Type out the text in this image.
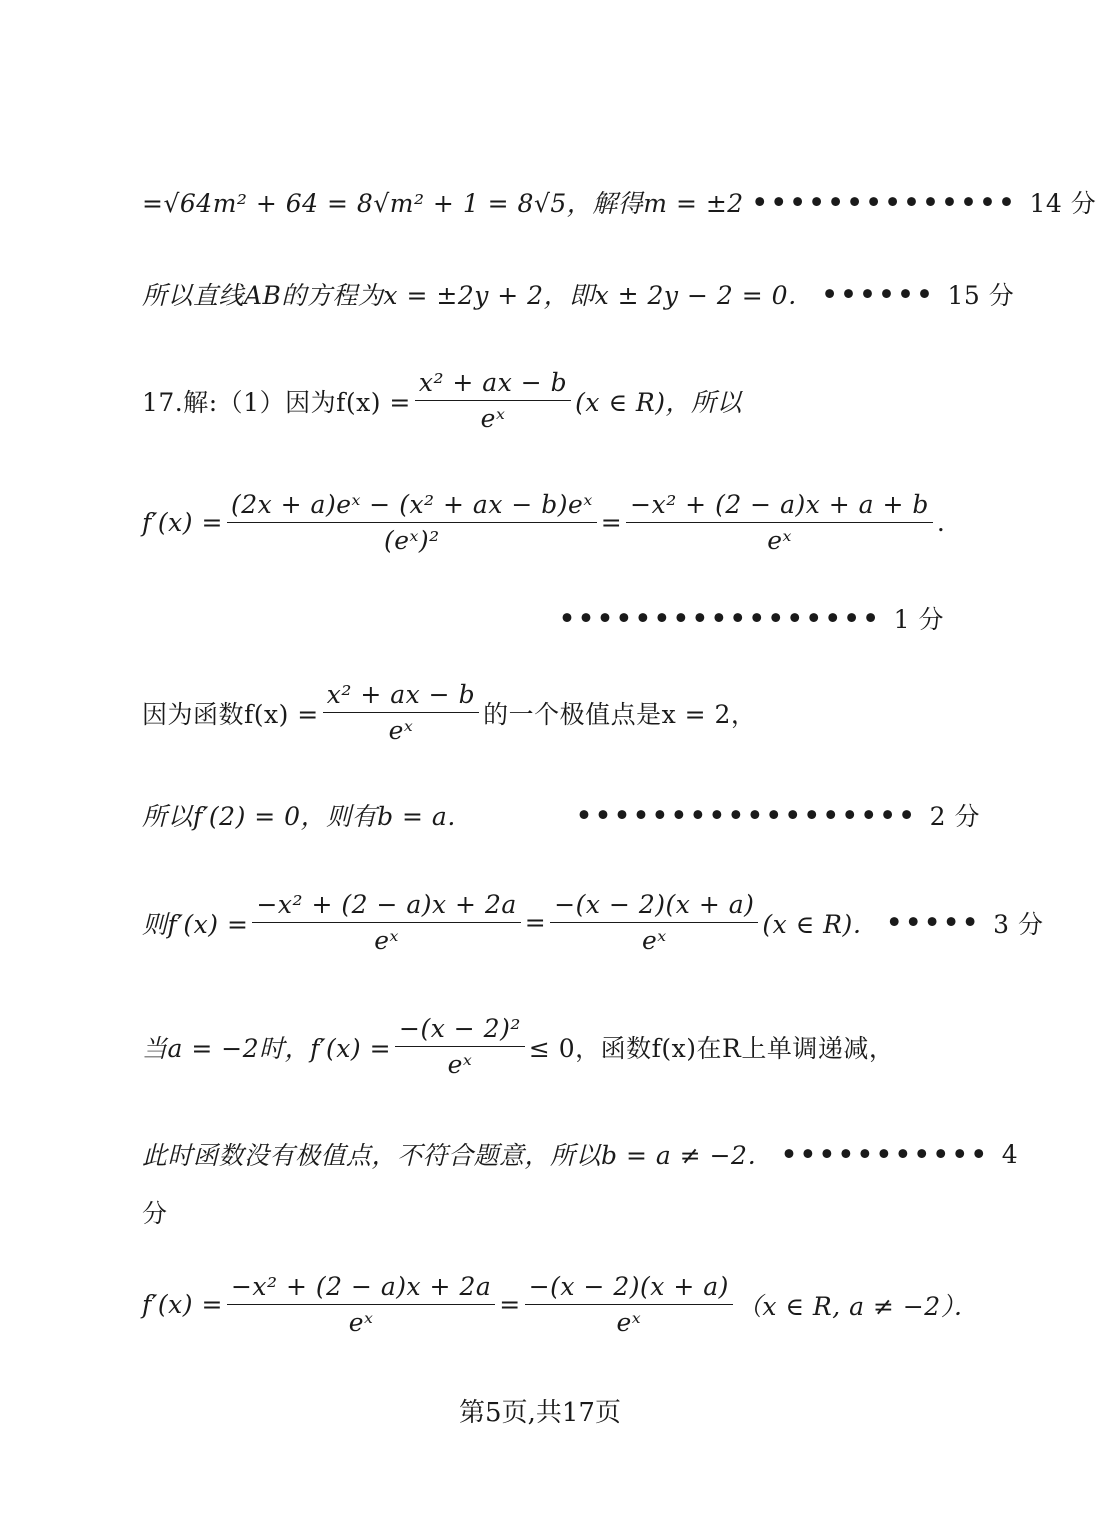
=√64m² + 64 = 8√m² + 1 = 8√5，解得m = ±2 •••••••••••••• 14 分
所以直线AB的方程为x = ±2y + 2，即x ± 2y − 2 = 0． •••••• 15 分
17.解:（1）因为$f(x) = \frac{\text{x² + ax − b}}{\text{eˣ}} (x$ ∈ R)，所以
$f'(x) = \frac{\text{(2x + a)eˣ − (x² + ax − b)eˣ}}{\text{(eˣ)²}} = \frac{\text{−x² + (2 − a)x + a + b}}{\text{eˣ}}$ .
••••••••••••••••• 1 分
因为函数$f(x) = \frac{\text{x² + ax − b}}{\text{eˣ}}$ 的一个极值点是x = 2，
所以f′(2) = 0，则有b = a.	•••••••••••••••••• 2 分
则$f'(x) = \frac{\text{−x² + (2 − a)x + 2a}}{\text{eˣ}} = \frac{-(x - 2)(x + a)}{\text{eˣ}} (x$ ∈ R)． ••••• 3 分
当a = −2时，$f'(x) = \frac{\text{−(x − 2)²}}{\text{eˣ}} \le 0$，函数f(x)在R上单调递减，
此时函数没有极值点，不符合题意，所以b = a ≠ −2． ••••••••••• 4
分
$f'(x) = \frac{\text{−x² + (2 − a)x + 2a}}{\text{eˣ}} = \frac{-(x - 2)(x + a)}{\text{eˣ}} (x$ ∈ R, a ≠ −2）．
第5页,共17页
